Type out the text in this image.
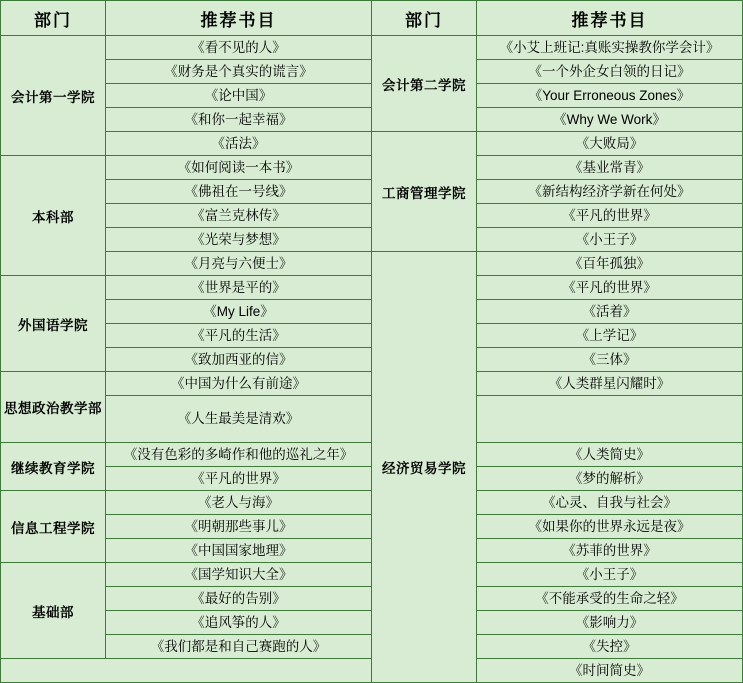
部门	推荐书目	部门	推荐书目
会计第一学院	《看不见的人》	会计第二学院	《小艾上班记:真账实操教你学会计》
	《财务是个真实的谎言》		《一个外企女白领的日记》
	《论中国》		《Your Erroneous Zones》
	《和你一起幸福》		《Why We Work》
	《活法》	工商管理学院	《大败局》
本科部	《如何阅读一本书》		《基业常青》
	《佛祖在一号线》		《新结构经济学新在何处》
	《富兰克林传》		《平凡的世界》
	《光荣与梦想》		《小王子》
	《月亮与六便士》	经济贸易学院	《百年孤独》
外国语学院	《世界是平的》		《平凡的世界》
	《My Life》		《活着》
	《平凡的生活》		《上学记》
	《致加西亚的信》		《三体》
思想政治教学部	《中国为什么有前途》		《人类群星闪耀时》
	《人生最美是清欢》		
继续教育学院	《没有色彩的多崎作和他的巡礼之年》		《人类简史》
	《平凡的世界》		《梦的解析》
信息工程学院	《老人与海》		《心灵、自我与社会》
	《明朝那些事儿》		《如果你的世界永远是夜》
	《中国国家地理》		《苏菲的世界》
基础部	《国学知识大全》		《小王子》
	《最好的告别》		《不能承受的生命之轻》
	《追风筝的人》		《影响力》
	《我们都是和自己赛跑的人》		《失控》
			《时间简史》
